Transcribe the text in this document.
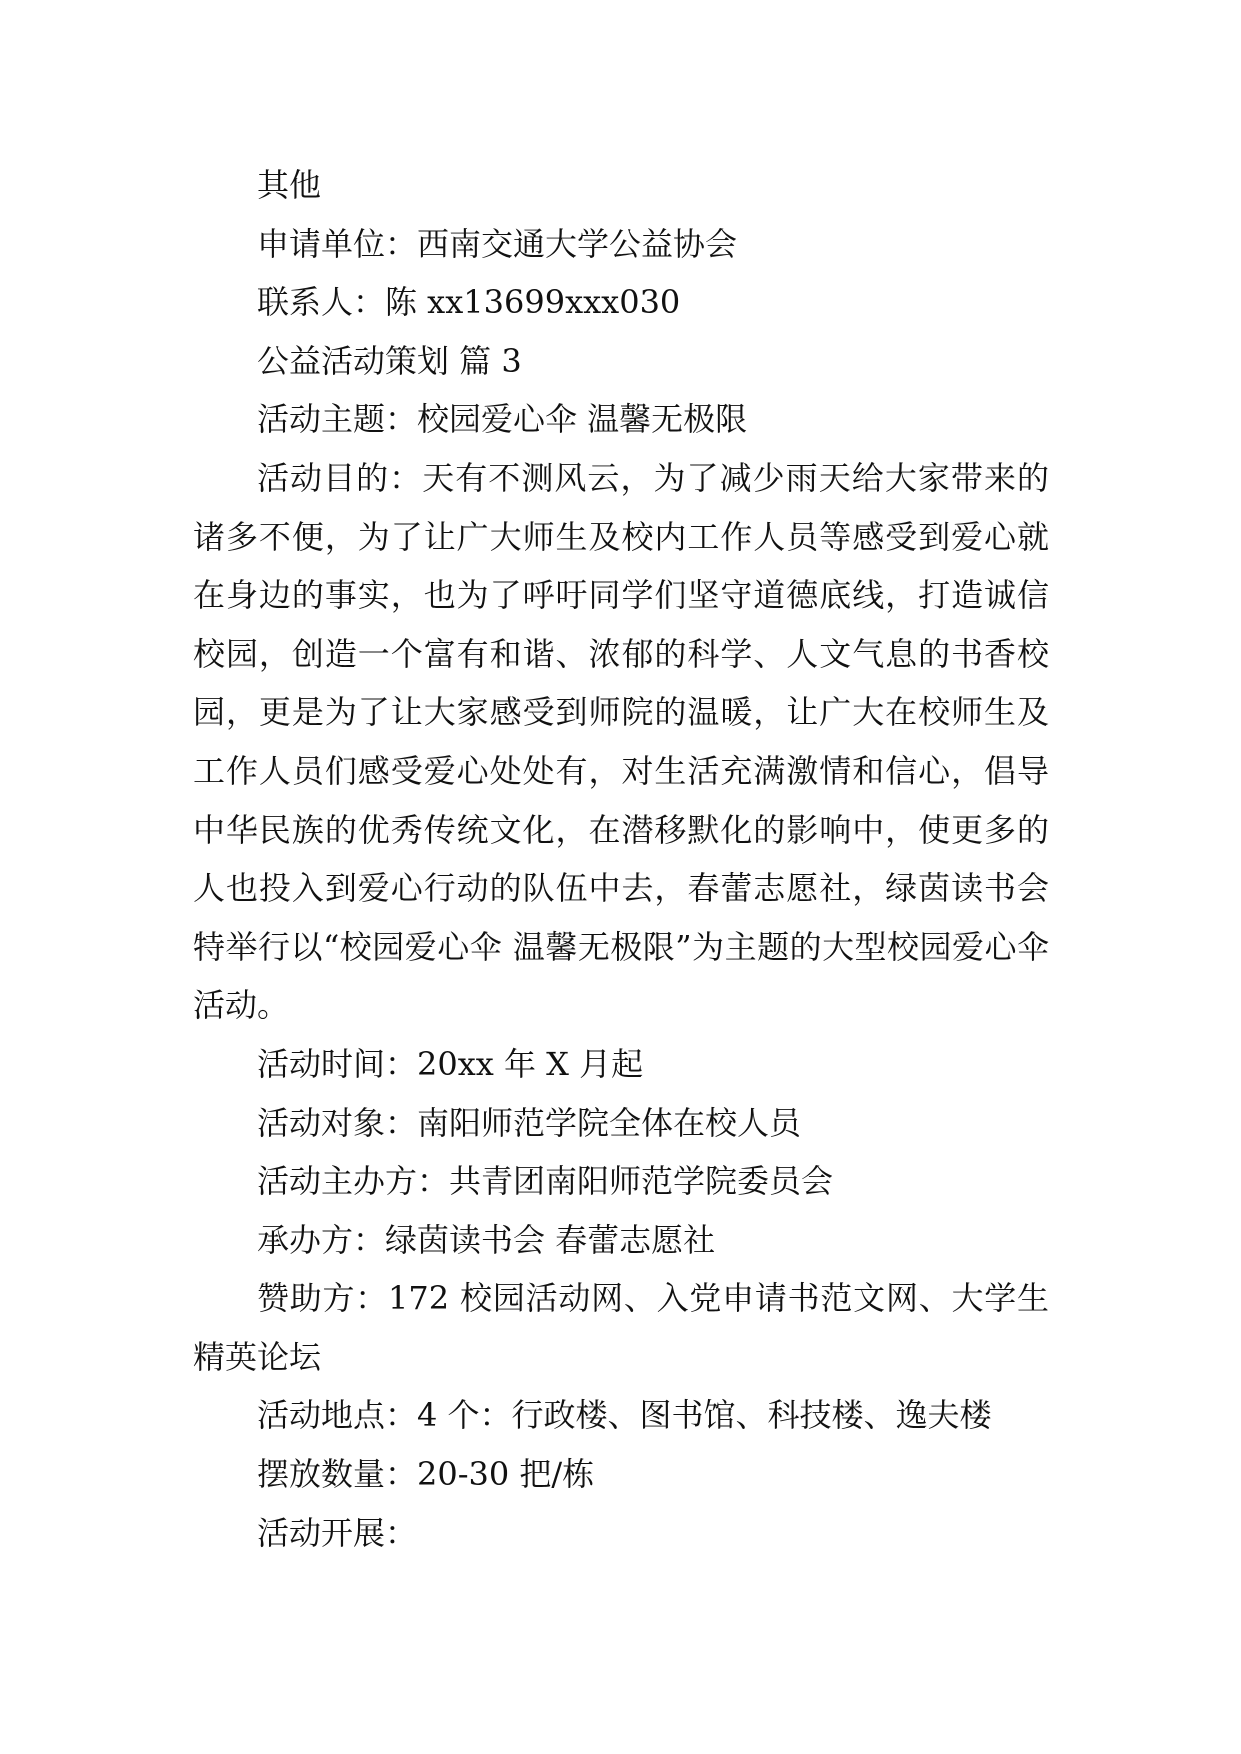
其他

申请单位：西南交通大学公益协会

联系人：陈 xx13699xxx030

公益活动策划 篇 3

活动主题：校园爱心伞 温馨无极限

活动目的：天有不测风云，为了减少雨天给大家带来的诸多不便，为了让广大师生及校内工作人员等感受到爱心就在身边的事实，也为了呼吁同学们坚守道德底线，打造诚信校园，创造一个富有和谐、浓郁的科学、人文气息的书香校园，更是为了让大家感受到师院的温暖，让广大在校师生及工作人员们感受爱心处处有，对生活充满激情和信心，倡导中华民族的优秀传统文化，在潜移默化的影响中，使更多的人也投入到爱心行动的队伍中去，春蕾志愿社，绿茵读书会特举行以“校园爱心伞 温馨无极限”为主题的大型校园爱心伞活动。

活动时间：20xx 年 X 月起

活动对象：南阳师范学院全体在校人员

活动主办方：共青团南阳师范学院委员会

承办方：绿茵读书会 春蕾志愿社

赞助方：172 校园活动网、入党申请书范文网、大学生精英论坛

活动地点：4 个：行政楼、图书馆、科技楼、逸夫楼

摆放数量：20-30 把/栋

活动开展：
